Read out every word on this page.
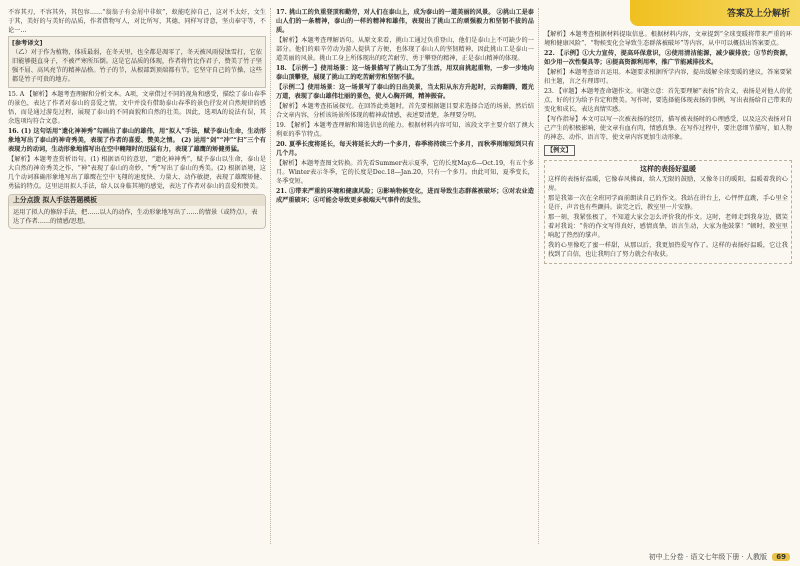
答案及上分解析

不容其刃，不容其外，其包容……“翁翁子有金屑中非蚁”，蚁能吃掉自己，这对不太好，文生于其，美好的与美好的品质，作者借物写人，对比所写，其德，同样写诗意，坚贞奉守等，不论一…

[参考译文]

（乙）对于作为植物，体质最弱，在冬天里，也全都是凋零了，冬天被风雨侵蚀雪打，它依旧能够挺直身子，不被严寒所压倒。这是它品质的体现，作者将竹比作君子，赞美了竹子坚强不屈、高风亮节的精神品格。竹子的节，从根部到顶端都有节，它坚守自己的节操，这些都是竹子可贵的地方。

15. A 【解析】本题考查理解和分析文本。A项，文章借过不同的视角和感受，描绘了泰山春季的景色，表达了作者对泰山的喜爱之情，文中并没有借助泰山春季的景色抒发对自然规律的感悟，而是通过游览过程，展现了泰山的不同面貌和自然的壮美。因此，选项A的说法有误，其余选项均符合文意。

16. (1) 这句话用“遗化神神秀”勾画出了泰山的雄伟，用“拟人”手法，赋予泰山生命，生动形象地写出了泰山的神奇秀美，表现了作者的喜爱、赞美之情。 (2) 运用“剑”“冲”“扫”三个有表现力的动词，生动形象地描写出在空中翱翔时的迅猛有力，表现了雄鹰的矫健勇猛。

【解析】本题考查赏析语句。(1) 根据语句的意思，“遗化神神秀”，赋予泰山以生命，泰山是大自然的神奇秀美之作，“神”表现了泰山的奇妙，“秀”写出了泰山的秀美。(2) 根据语境，这几个动词准确形象地写出了雄鹰在空中飞翔的速度快、力量大、动作敏捷，表现了雄鹰矫健、勇猛的特点。这里运用拟人手法，给人以身临其境的感觉，表达了作者对泰山的喜爱和赞美。

上分点拨 拟人手法答题模板
运用了拟人的修辞手法，把……以人的动作，生动形象地写出了……的情景（或特点），表达了作者……的情感/思想。

17. 挑山工的负重登顶和勤劳，对人们在泰山上，成为泰山的一道美丽的风景。 ②挑山工是泰山人们的一条精神，泰山的一样的精神和雄伟，表现出了挑山工的顽强毅力和坚韧不拔的品质。

【解析】本题考查理解语句。从原文来看，挑山工通过负重登山，他们是泰山上不可缺少的一部分。他们的艰辛劳动为游人提供了方便，也体现了泰山人的坚韧精神，因此挑山工是泰山一道美丽的风景。挑山工身上所体现出的吃苦耐劳、勇于攀登的精神，正是泰山精神的体现。

18. 【示例一】使用场景：这一场景描写了挑山工为了生活，用双肩挑起重物，一步一步地向泰山顶攀登，展现了挑山工的吃苦耐劳和坚韧不拔。

【示例二】使用场景：这一场景写了泰山的日出美景，当太阳从东方升起时，云海翻腾，霞光万道，表现了泰山雄伟壮丽的景色，使人心胸开阔，精神振奋。

【解析】本题考查拓展探究。在回答此类题时，首先要根据题目要求选择合适的场景，然后结合文章内容，分析该场景所体现的精神或情感，表述要清楚，条理要分明。

19. 【解析】本题考查理解和筛选信息的能力。根据材料内容可知，该段文字主要介绍了澳大利亚的季节特点。

20. 夏季长度将延长，每天将延长大约一个多月，春季将持续三个多月，而秋季则缩短到只有几个月。

【解析】本题考查图文转换。首先看Summer表示夏季，它的长度May.6—Oct.19，有五个多月。Winter表示冬季，它的长度是Dec.18—Jan.20，只有一个多月。由此可知，夏季变长，冬季变短。

21. ①带来严重的环境和健康风险；②影响物候变化，进而导致生态群落被破坏；③对农业造成严重破坏；④可能会导致更多极端天气事件的发生。

【解析】本题考查根据材料提取信息。根据材料内容，文章提到“全球变暖将带来严重的环境和健康风险”、“物候变化会导致生态群落被破坏”等内容，从中可以概括出答案要点。

22. 【示例】①大力宣传，提高环保意识，②使用清洁能源，减少碳排放；③节约资源，如少用一次性餐具等；④提高资源利用率，推广节能减排技术。

【解析】本题考查语言运用。本题要求根据所学内容，提出缓解全球变暖的建议，答案要紧扣主题，言之有理即可。

23. 【审题】本题考查命题作文。审题立意：首先要理解“表扬”的含义，表扬是对他人的优点、好的行为给予肯定和赞美。写作时，要选择能体现表扬的事例，写出表扬给自己带来的变化和成长，表达真情实感。

【写作指导】本文可以写一次被表扬的经历，描写被表扬时的心理感受，以及这次表扬对自己产生的积极影响，使文章有血有肉，情感真挚。在写作过程中，要注意细节描写，如人物的神态、动作、语言等，使文章内容更加生动形象。

【例文】
这样的表扬好温暖

这样的表扬好温暖，它像春风拂面，给人无限的鼓励，又像冬日的暖阳，温暖着我的心房。

那是我第一次在全班同学面前朗读自己的作文。我站在讲台上，心怦怦直跳，手心里全是汗，声音也有些颤抖。读完之后，教室里一片安静。

那一刻，我紧张极了，不知道大家会怎么评价我的作文。这时，老师走到我身边，微笑着对我说：“你的作文写得真好，感情真挚，语言生动，大家为他鼓掌！”顿时，教室里响起了热烈的掌声。

我的心里像吃了蜜一样甜，从那以后，我更加热爱写作了。这样的表扬好温暖，它让我找到了自信，也让我明白了努力就会有收获。

初中上分卷 · 语文七年级下册 · 人教版 69
